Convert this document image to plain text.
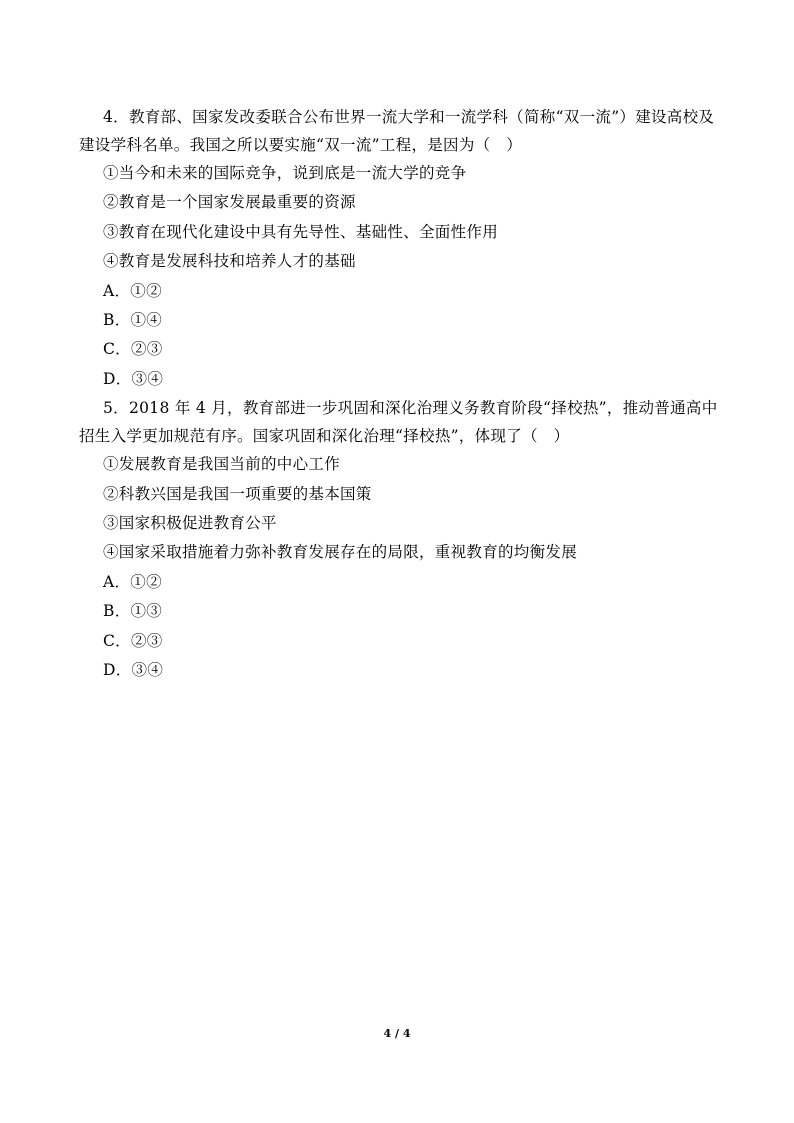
4．教育部、国家发改委联合公布世界一流大学和一流学科（简称“双一流”）建设高校及建设学科名单。我国之所以要实施“双一流”工程，是因为（　）

①当今和未来的国际竞争，说到底是一流大学的竞争

②教育是一个国家发展最重要的资源

③教育在现代化建设中具有先导性、基础性、全面性作用

④教育是发展科技和培养人才的基础

A．①②

B．①④

C．②③

D．③④

5．2018 年 4 月，教育部进一步巩固和深化治理义务教育阶段“择校热”，推动普通高中招生入学更加规范有序。国家巩固和深化治理“择校热”，体现了（　）

①发展教育是我国当前的中心工作

②科教兴国是我国一项重要的基本国策

③国家积极促进教育公平

④国家采取措施着力弥补教育发展存在的局限，重视教育的均衡发展

A．①②

B．①③

C．②③

D．③④

4 / 4
